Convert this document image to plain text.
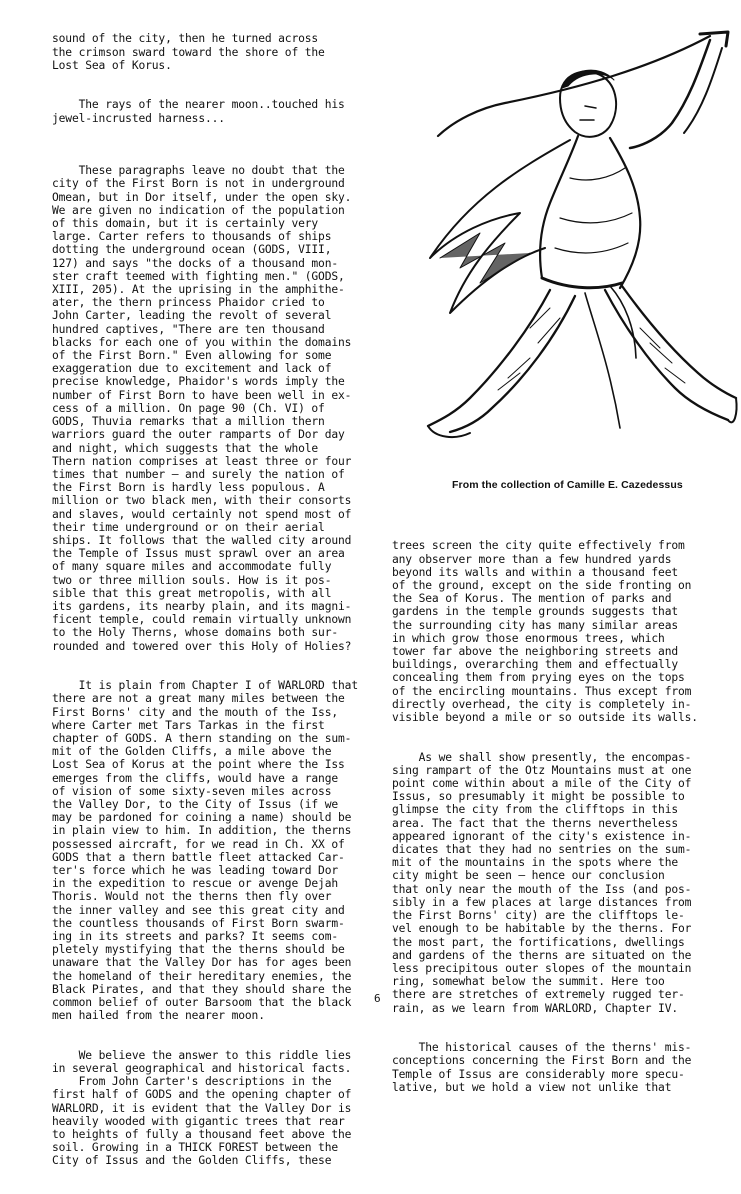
sound of the city, then he turned across
the crimson sward toward the shore of the
Lost Sea of Korus.

The rays of the nearer moon..touched his
jewel-incrusted harness...

These paragraphs leave no doubt that the
city of the First Born is not in underground
Omean, but in Dor itself, under the open sky.
We are given no indication of the population
of this domain, but it is certainly very
large. Carter refers to thousands of ships
dotting the underground ocean (GODS, VIII,
127) and says "the docks of a thousand mon-
ster craft teemed with fighting men." (GODS,
XIII, 205). At the uprising in the amphithe-
ater, the thern princess Phaidor cried to
John Carter, leading the revolt of several
hundred captives, "There are ten thousand
blacks for each one of you within the domains
of the First Born." Even allowing for some
exaggeration due to excitement and lack of
precise knowledge, Phaidor's words imply the
number of First Born to have been well in ex-
cess of a million. On page 90 (Ch. VI) of
GODS, Thuvia remarks that a million thern
warriors guard the outer ramparts of Dor day
and night, which suggests that the whole
Thern nation comprises at least three or four
times that number — and surely the nation of
the First Born is hardly less populous. A
million or two black men, with their consorts
and slaves, would certainly not spend most of
their time underground or on their aerial
ships. It follows that the walled city around
the Temple of Issus must sprawl over an area
of many square miles and accommodate fully
two or three million souls. How is it pos-
sible that this great metropolis, with all
its gardens, its nearby plain, and its magni-
ficent temple, could remain virtually unknown
to the Holy Therns, whose domains both sur-
rounded and towered over this Holy of Holies?

It is plain from Chapter I of WARLORD that
there are not a great many miles between the
First Borns' city and the mouth of the Iss,
where Carter met Tars Tarkas in the first
chapter of GODS. A thern standing on the sum-
mit of the Golden Cliffs, a mile above the
Lost Sea of Korus at the point where the Iss
emerges from the cliffs, would have a range
of vision of some sixty-seven miles across
the Valley Dor, to the City of Issus (if we
may be pardoned for coining a name) should be
in plain view to him. In addition, the therns
possessed aircraft, for we read in Ch. XX of
GODS that a thern battle fleet attacked Car-
ter's force which he was leading toward Dor
in the expedition to rescue or avenge Dejah
Thoris. Would not the therns then fly over
the inner valley and see this great city and
the countless thousands of First Born swarm-
ing in its streets and parks? It seems com-
pletely mystifying that the therns should be
unaware that the Valley Dor has for ages been
the homeland of their hereditary enemies, the
Black Pirates, and that they should share the
common belief of outer Barsoom that the black
men hailed from the nearer moon.

We believe the answer to this riddle lies
in several geographical and historical facts.
From John Carter's descriptions in the
first half of GODS and the opening chapter of
WARLORD, it is evident that the Valley Dor is
heavily wooded with gigantic trees that rear
to heights of fully a thousand feet above the
soil. Growing in a THICK FOREST between the
City of Issus and the Golden Cliffs, these

From the collection of Camille E. Cazedessus

trees screen the city quite effectively from
any observer more than a few hundred yards
beyond its walls and within a thousand feet
of the ground, except on the side fronting on
the Sea of Korus. The mention of parks and
gardens in the temple grounds suggests that
the surrounding city has many similar areas
in which grow those enormous trees, which
tower far above the neighboring streets and
buildings, overarching them and effectually
concealing them from prying eyes on the tops
of the encircling mountains. Thus except from
directly overhead, the city is completely in-
visible beyond a mile or so outside its walls.

As we shall show presently, the encompas-
sing rampart of the Otz Mountains must at one
point come within about a mile of the City of
Issus, so presumably it might be possible to
glimpse the city from the clifftops in this
area. The fact that the therns nevertheless
appeared ignorant of the city's existence in-
dicates that they had no sentries on the sum-
mit of the mountains in the spots where the
city might be seen — hence our conclusion
that only near the mouth of the Iss (and pos-
sibly in a few places at large distances from
the First Borns' city) are the clifftops le-
vel enough to be habitable by the therns. For
the most part, the fortifications, dwellings
and gardens of the therns are situated on the
less precipitous outer slopes of the mountain
ring, somewhat below the summit. Here too
there are stretches of extremely rugged ter-
rain, as we learn from WARLORD, Chapter IV.

The historical causes of the therns' mis-
conceptions concerning the First Born and the
Temple of Issus are considerably more specu-
lative, but we hold a view not unlike that

6
